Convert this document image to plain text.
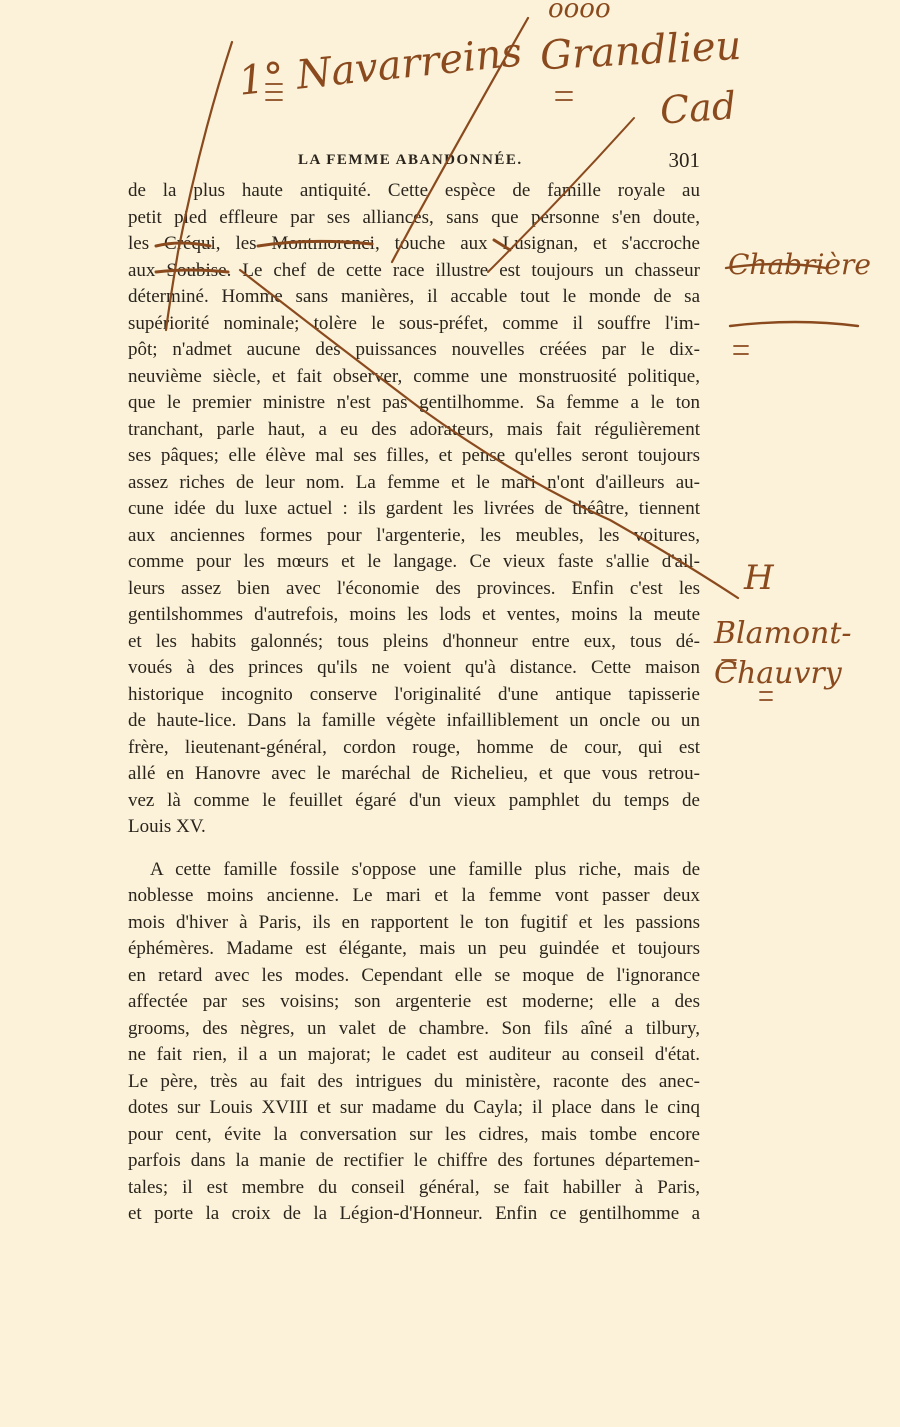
LA FEMME ABANDONNÉE.	301
de la plus haute antiquité. Cette espèce de famille royale au
petit pied effleure par ses alliances, sans que personne s'en doute,
les Créqui, les Montmorenci, touche aux Lusignan, et s'accroche
aux Soubise. Le chef de cette race illustre est toujours un chasseur
déterminé. Homme sans manières, il accable tout le monde de sa
supériorité nominale; tolère le sous-préfet, comme il souffre l'im-
pôt; n'admet aucune des puissances nouvelles créées par le dix-
neuvième siècle, et fait observer, comme une monstruosité politique,
que le premier ministre n'est pas gentilhomme. Sa femme a le ton
tranchant, parle haut, a eu des adorateurs, mais fait régulièrement
ses pâques; elle élève mal ses filles, et pense qu'elles seront toujours
assez riches de leur nom. La femme et le mari n'ont d'ailleurs au-
cune idée du luxe actuel : ils gardent les livrées de théâtre, tiennent
aux anciennes formes pour l'argenterie, les meubles, les voitures,
comme pour les mœurs et le langage. Ce vieux faste s'allie d'ail-
leurs assez bien avec l'économie des provinces. Enfin c'est les
gentilshommes d'autrefois, moins les lods et ventes, moins la meute
et les habits galonnés; tous pleins d'honneur entre eux, tous dé-
voués à des princes qu'ils ne voient qu'à distance. Cette maison
historique incognito conserve l'originalité d'une antique tapisserie
de haute-lice. Dans la famille végète infailliblement un oncle ou un
frère, lieutenant-général, cordon rouge, homme de cour, qui est
allé en Hanovre avec le maréchal de Richelieu, et que vous retrou-
vez là comme le feuillet égaré d'un vieux pamphlet du temps de
Louis XV.
A cette famille fossile s'oppose une famille plus riche, mais de
noblesse moins ancienne. Le mari et la femme vont passer deux
mois d'hiver à Paris, ils en rapportent le ton fugitif et les passions
éphémères. Madame est élégante, mais un peu guindée et toujours
en retard avec les modes. Cependant elle se moque de l'ignorance
affectée par ses voisins; son argenterie est moderne; elle a des
grooms, des nègres, un valet de chambre. Son fils aîné a tilbury,
ne fait rien, il a un majorat; le cadet est auditeur au conseil d'état.
Le père, très au fait des intrigues du ministère, raconte des anec-
dotes sur Louis XVIII et sur madame du Cayla; il place dans le cinq
pour cent, évite la conversation sur les cidres, mais tombe encore
parfois dans la manie de rectifier le chiffre des fortunes départemen-
tales; il est membre du conseil général, se fait habiller à Paris,
et porte la croix de la Légion-d'Honneur. Enfin ce gentilhomme a
1° Navarreins
oooo
Grandlieu
Cad
Chabrière
H
Blamont-Chauvry
